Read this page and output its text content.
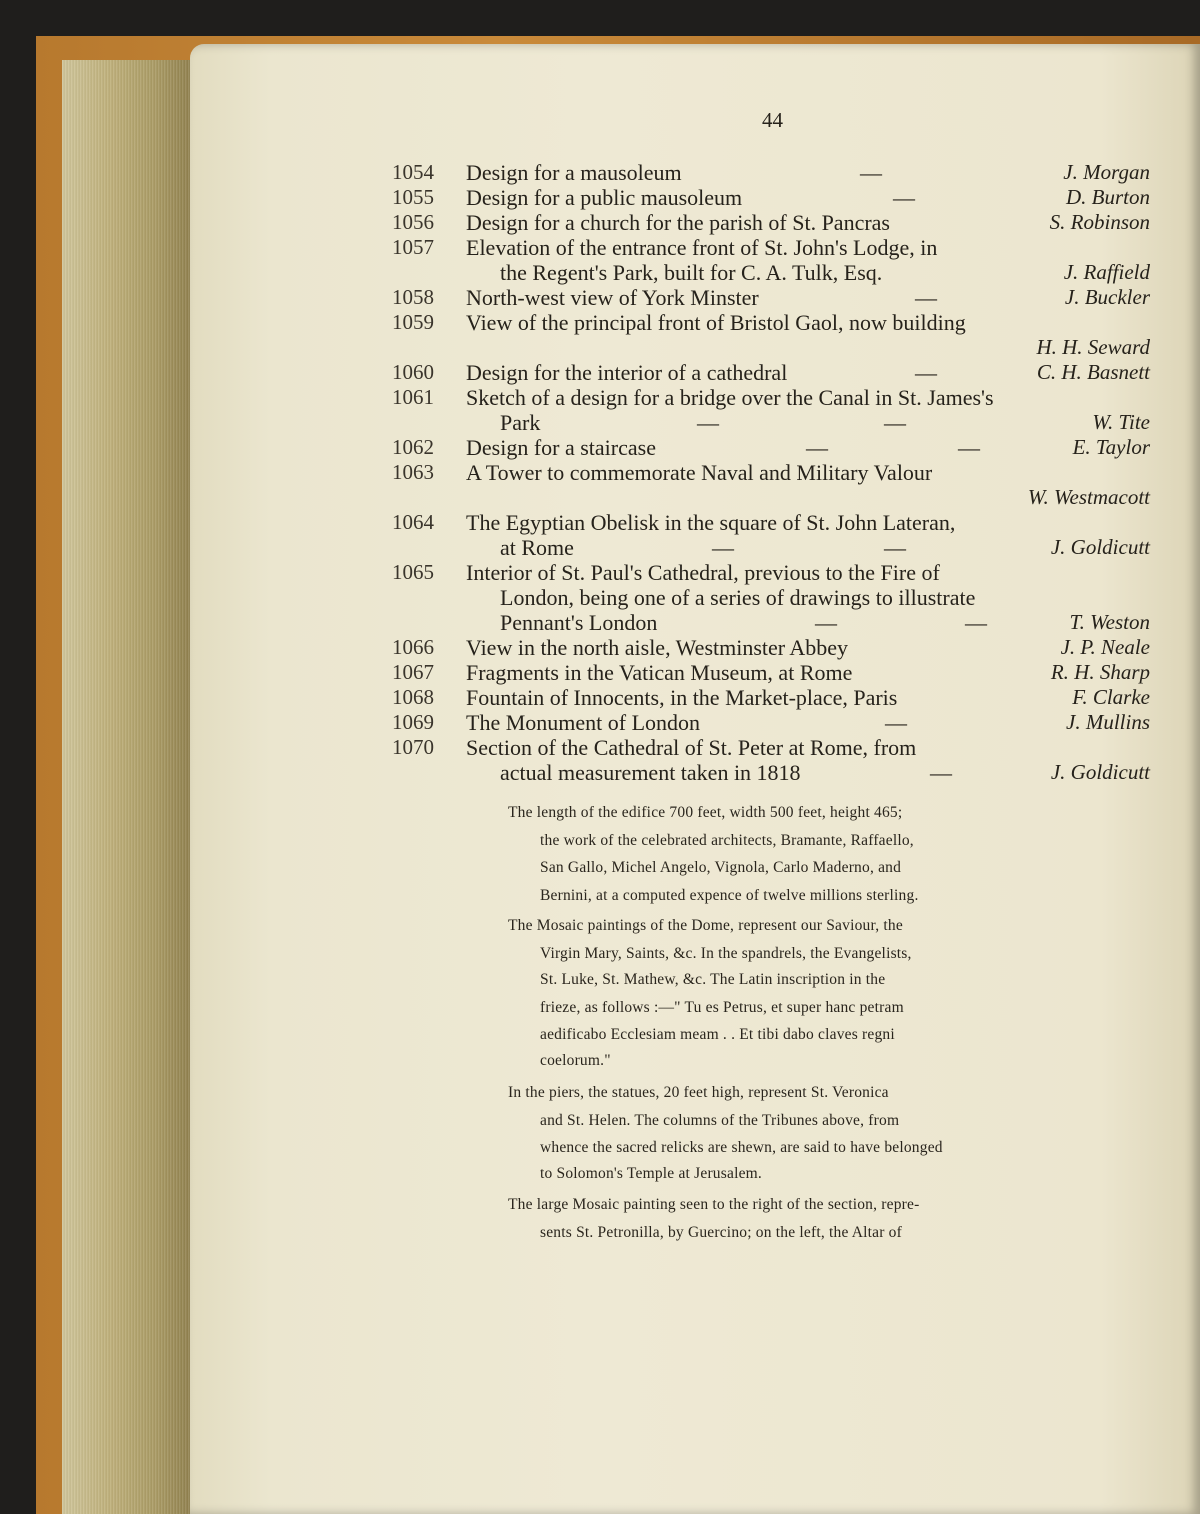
44
1054 Design for a mausoleum	—	J. Morgan
1055 Design for a public mausoleum	—	D. Burton
1056 Design for a church for the parish of St. Pancras	S. Robinson
1057 Elevation of the entrance front of St. John's Lodge, in
the Regent's Park, built for C. A. Tulk, Esq.	J. Raffield
1058 North-west view of York Minster	—	J. Buckler
1059 View of the principal front of Bristol Gaol, now building
H. H. Seward
1060 Design for the interior of a cathedral	—	C. H. Basnett
1061 Sketch of a design for a bridge over the Canal in St. James's
Park	—	—	W. Tite
1062 Design for a staircase	—	—	E. Taylor
1063 A Tower to commemorate Naval and Military Valour
W. Westmacott
1064 The Egyptian Obelisk in the square of St. John Lateran,
at Rome	—	—	J. Goldicutt
1065 Interior of St. Paul's Cathedral, previous to the Fire of
London, being one of a series of drawings to illustrate
Pennant's London	—	—	T. Weston
1066 View in the north aisle, Westminster Abbey	J. P. Neale
1067 Fragments in the Vatican Museum, at Rome	R. H. Sharp
1068 Fountain of Innocents, in the Market-place, Paris	F. Clarke
1069 The Monument of London	—	J. Mullins
1070 Section of the Cathedral of St. Peter at Rome, from
actual measurement taken in 1818	—	J. Goldicutt
The length of the edifice 700 feet, width 500 feet, height 465;
the work of the celebrated architects, Bramante, Raffaello,
San Gallo, Michel Angelo, Vignola, Carlo Maderno, and
Bernini, at a computed expence of twelve millions sterling.
The Mosaic paintings of the Dome, represent our Saviour, the
Virgin Mary, Saints, &c. In the spandrels, the Evangelists,
St. Luke, St. Mathew, &c. The Latin inscription in the
frieze, as follows :—" Tu es Petrus, et super hanc petram
aedificabo Ecclesiam meam . . Et tibi dabo claves regni
coelorum."
In the piers, the statues, 20 feet high, represent St. Veronica
and St. Helen. The columns of the Tribunes above, from
whence the sacred relicks are shewn, are said to have belonged
to Solomon's Temple at Jerusalem.
The large Mosaic painting seen to the right of the section, repre-
sents St. Petronilla, by Guercino; on the left, the Altar of
